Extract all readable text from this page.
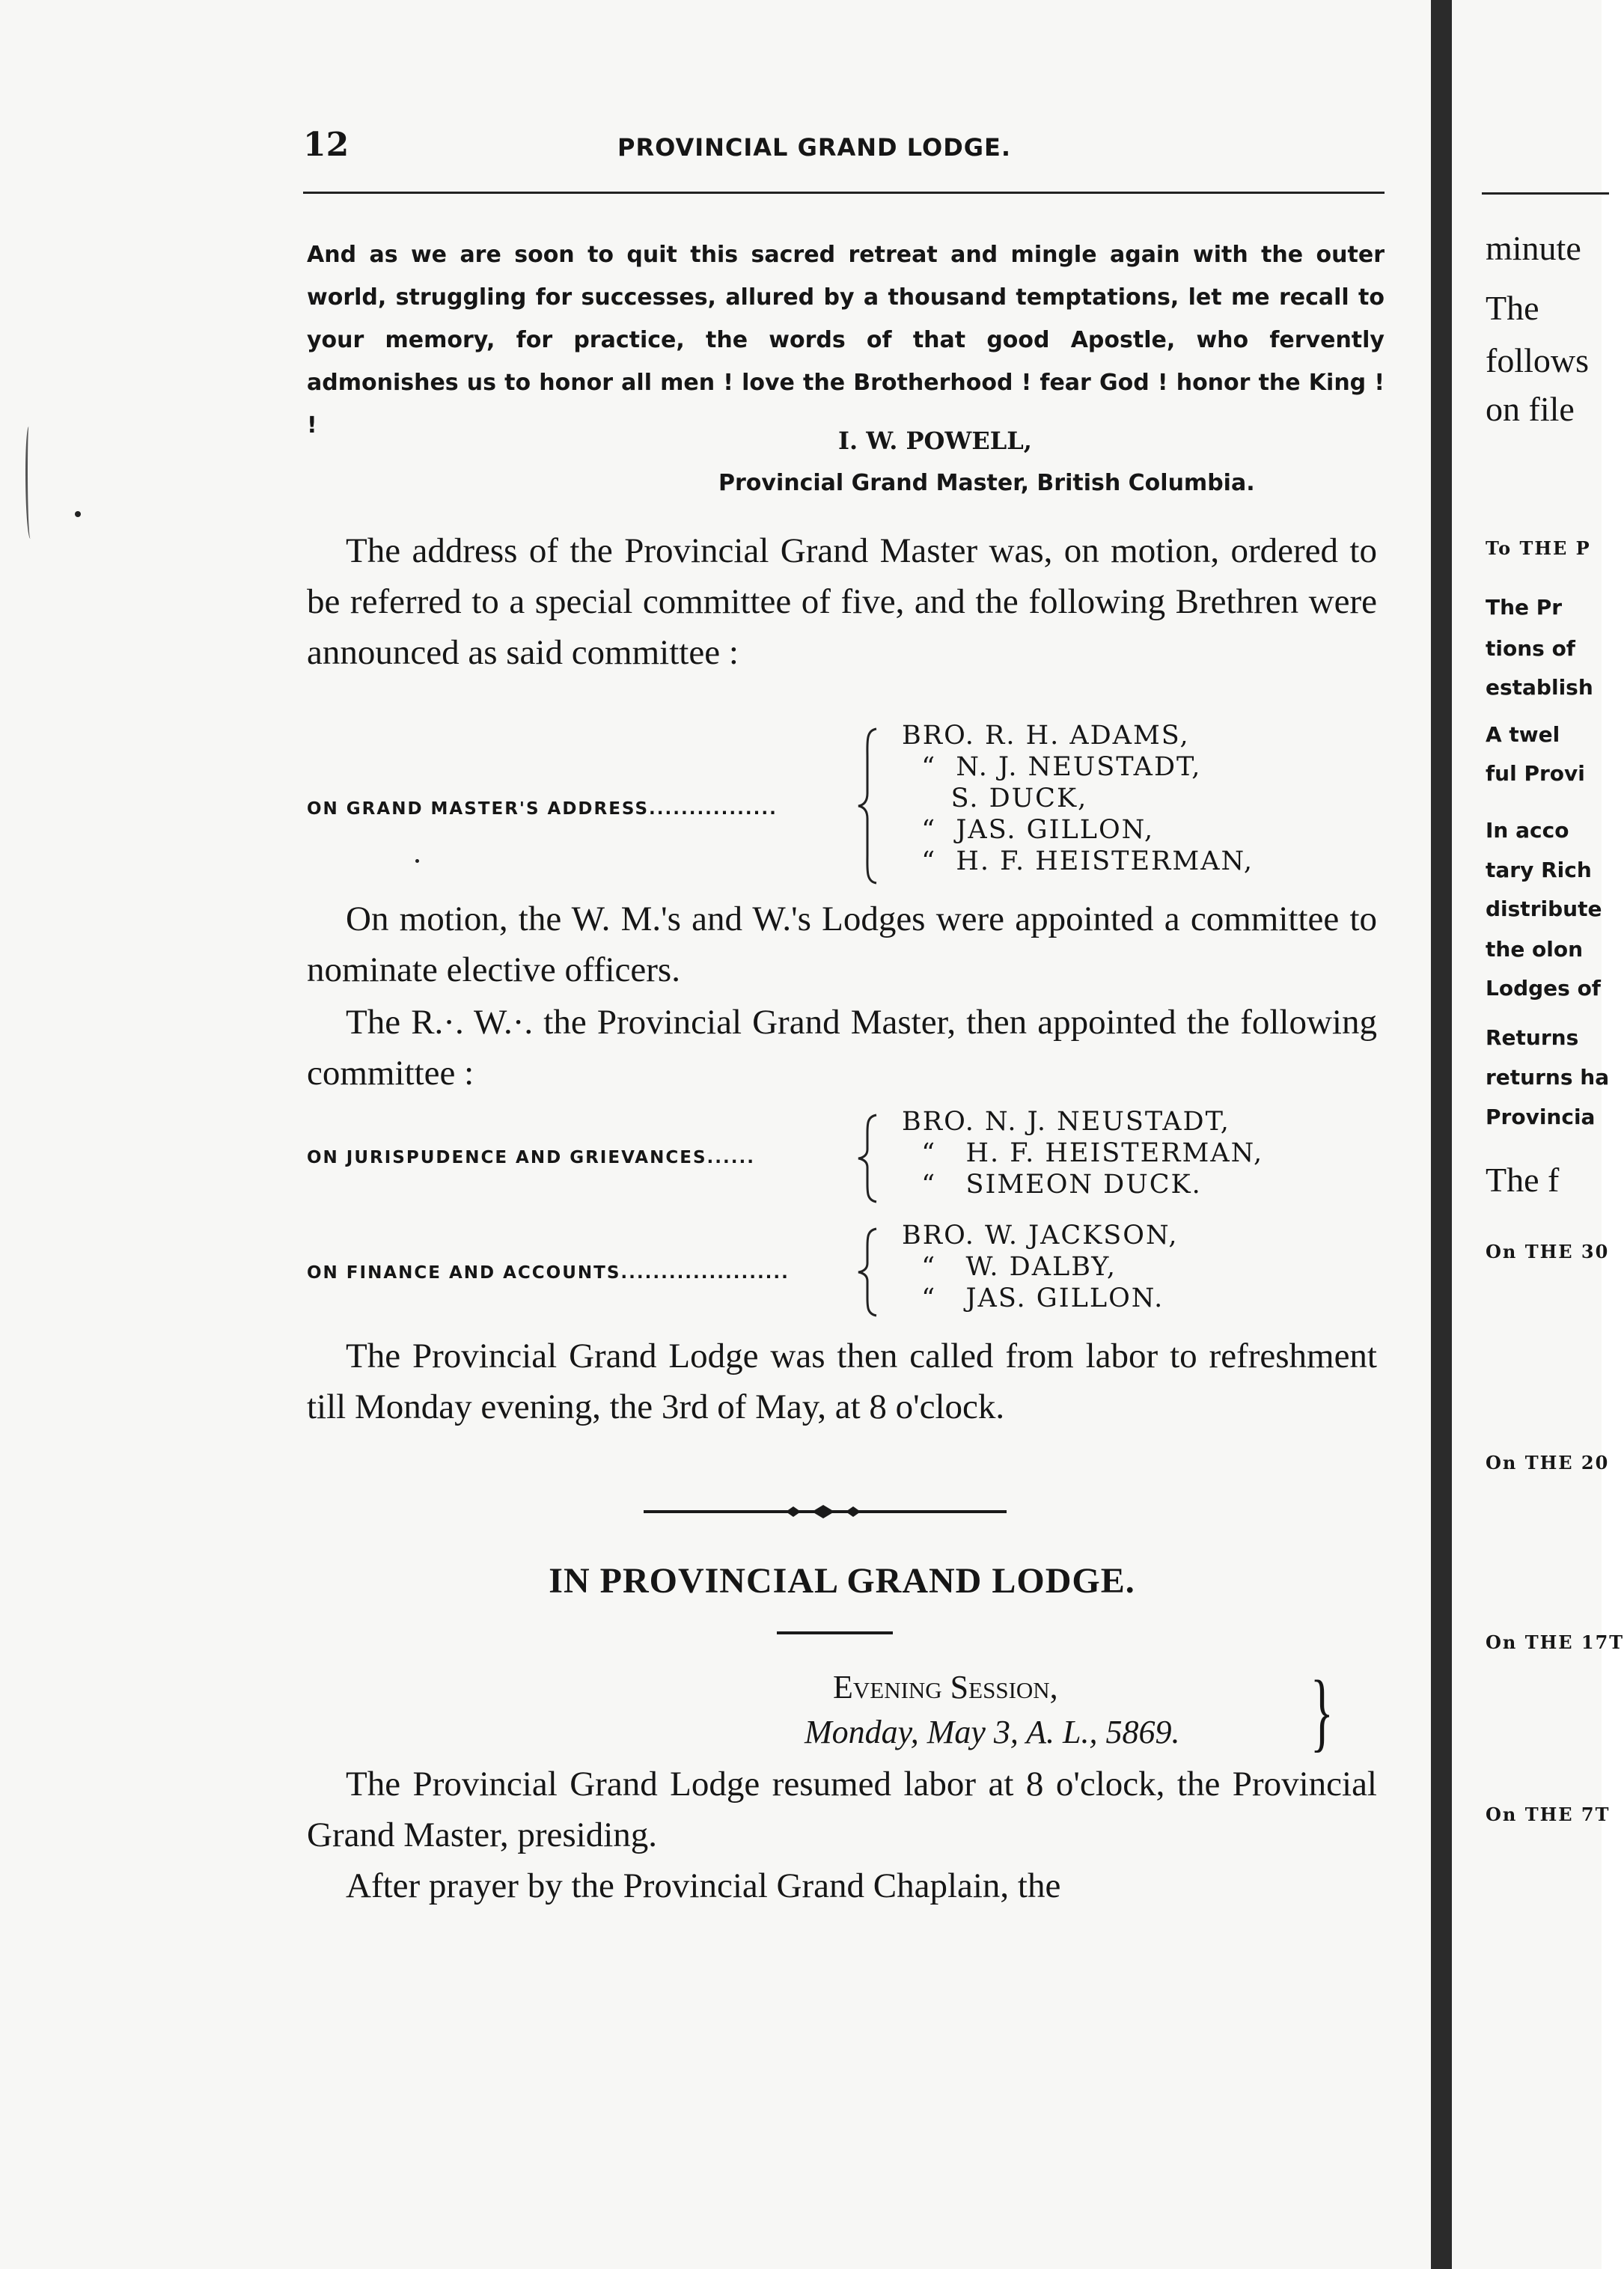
12	PROVINCIAL GRAND LODGE.

And as we are soon to quit this sacred retreat and mingle again with the outer world, struggling for successes, allured by a thousand temptations, let me recall to your memory, for practice, the words of that good Apostle, who fervently admonishes us to honor all men ! love the Brotherhood ! fear God ! honor the King ! !

I. W. POWELL,
Provincial Grand Master, British Columbia.

The address of the Provincial Grand Master was, on motion, ordered to be referred to a special committee of five, and the following Brethren were announced as said committee :

ON GRAND MASTER'S ADDRESS................
BRO. R. H. ADAMS,
“  N. J. NEUSTADT,
S. DUCK,
“  JAS. GILLON,
“  H. F. HEISTERMAN,

On motion, the W. M.'s and W.'s Lodges were appointed a committee to nominate elective officers.

The R.·. W.·. the Provincial Grand Master, then appointed the following committee :

ON JURISPUDENCE AND GRIEVANCES......
BRO. N. J. NEUSTADT,
“   H. F. HEISTERMAN,
“   SIMEON DUCK.
ON FINANCE AND ACCOUNTS.....................
BRO. W. JACKSON,
“   W. DALBY,
“   JAS. GILLON.

The Provincial Grand Lodge was then called from labor to refreshment till Monday evening, the 3rd of May, at 8 o'clock.

IN PROVINCIAL GRAND LODGE.
Evening Session,
Monday, May 3, A. L., 5869. }

The Provincial Grand Lodge resumed labor at 8 o'clock, the Provincial Grand Master, presiding.

After prayer by the Provincial Grand Chaplain, the

minute
The
follows
on file
To THE P
The Pr
tions of
establish
A twel
ful Provi
In acco
tary Rich
distribute
the olon
Lodges of
Returns
returns ha
Provincia
The f
On THE 30
On THE 20
On THE 17T
On THE 7T
